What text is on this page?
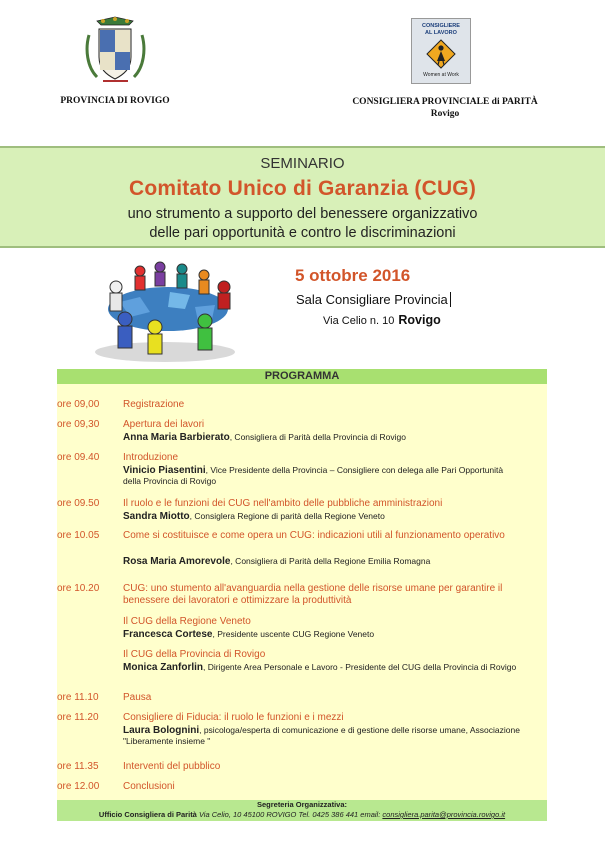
PROVINCIA DI ROVIGO
CONSIGLIERE
AL LAVORO
Women at Work
CONSIGLIERA PROVINCIALE di PARITÀ
Rovigo
SEMINARIO
Comitato Unico di Garanzia (CUG)
uno strumento a supporto del benessere organizzativo
delle pari opportunità e contro le discriminazioni
5 ottobre 2016
Sala Consigliare Provincia
Via Celio n. 10 Rovigo
PROGRAMMA
ore 09,00 Registrazione
ore 09,30 Apertura dei lavori
Anna Maria Barbierato, Consigliera di Parità della Provincia di Rovigo
ore 09.40 Introduzione
Vinicio Piasentini, Vice Presidente della Provincia – Consigliere con delega alle Pari Opportunità della Provincia di Rovigo
ore 09.50 Il ruolo e le funzioni dei CUG nell'ambito delle pubbliche amministrazioni
Sandra Miotto, Consiglera Regione di parità della Regione Veneto
ore 10.05 Come si costituisce e come opera un CUG: indicazioni utili al funzionamento operativo
Rosa Maria Amorevole, Consigliera di Parità della Regione Emilia Romagna
ore 10.20 CUG: uno stumento all'avanguardia nella gestione delle risorse umane per garantire il benessere dei lavoratori e ottimizzare la produttività
Il CUG della Regione Veneto
Francesca Cortese, Presidente uscente CUG Regione Veneto
Il CUG della Provincia di Rovigo
Monica Zanforlin, Dirigente Area Personale e Lavoro - Presidente del CUG della Provincia di Rovigo
ore 11.10 Pausa
ore 11.20 Consigliere di Fiducia: il ruolo le funzioni e i mezzi
Laura Bolognini, psicologa/esperta di comunicazione e di gestione delle risorse umane, Associazione "Liberamente insieme "
ore 11.35 Interventi del pubblico
ore 12.00 Conclusioni
Segreteria Organizzativa:
Ufficio Consigliera di Parità Via Celio, 10 45100 ROVIGO Tel. 0425 386 441 email: consigliera.parita@provincia.rovigo.it
